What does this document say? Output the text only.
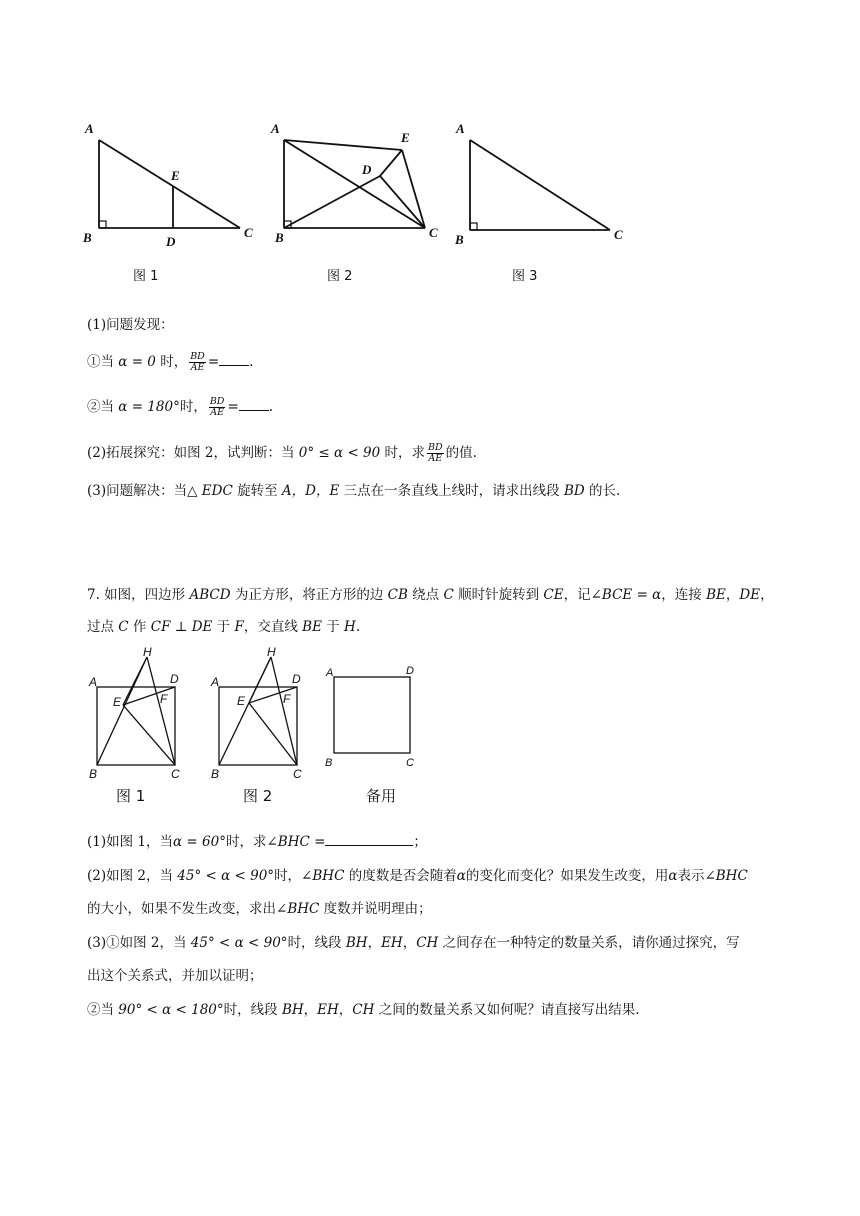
A
B	C
D
E
图 1
A
B	C
D
E
图 2
A
B	C
图 3
(1)问题发现：
①当 α = 0 时， $\frac{BD}{AE}$ = .
②当 α = 180°时， $\frac{BD}{AE}$ = .
(2)拓展探究：如图 2，试判断：当 0° ≤ α < 90 时，求 $\frac{BD}{AE}$ 的值.
(3)问题解决：当△ EDC 旋转至 A，D，E 三点在一条直线上线时，请求出线段 BD 的长.
7. 如图，四边形 ABCD 为正方形，将正方形的边 CB 绕点 C 顺时针旋转到 CE，记∠BCE = α，连接 BE，DE，
过点 C 作 CF ⊥ DE 于 F，交直线 BE 于 H.
H
A	D
E	F
B	C
图 1
H
A	D
E	F
B	C
图 2
A	D
B	C
备用
(1)如图 1，当α = 60°时，求∠BHC =	；
(2)如图 2，当 45° < α < 90°时，∠BHC 的度数是否会随着α的变化而变化？如果发生改变，用α表示∠BHC
的大小，如果不发生改变，求出∠BHC 度数并说明理由；
(3)①如图 2，当 45° < α < 90°时，线段 BH，EH，CH 之间存在一种特定的数量关系，请你通过探究，写
出这个关系式，并加以证明；
②当 90° < α < 180°时，线段 BH，EH，CH 之间的数量关系又如何呢？请直接写出结果.
